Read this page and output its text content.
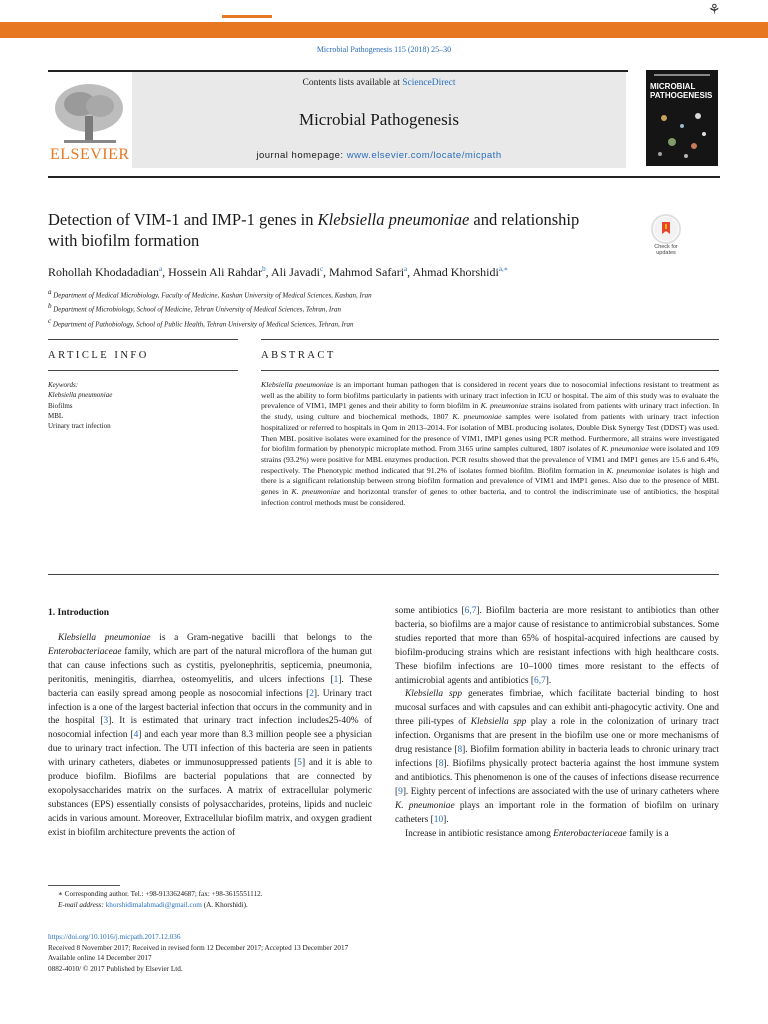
⚘
Microbial Pathogenesis 115 (2018) 25–30
ELSEVIER
Contents lists available at ScienceDirect
Microbial Pathogenesis
journal homepage: www.elsevier.com/locate/micpath
MICROBIAL
PATHOGENESIS
Detection of VIM-1 and IMP-1 genes in Klebsiella pneumoniae and relationship with biofilm formation	Check for
updates
Rohollah Khodadadian$^a$, Hossein Ali Rahdar$^b$, Ali Javadi$^c$, Mahmod Safari$^a$, Ahmad Khorshidi$^{a,∗}$
$^a$ Department of Medical Microbiology, Faculty of Medicine, Kashan University of Medical Sciences, Kashan, Iran
$^b$ Department of Microbiology, School of Medicine, Tehran University of Medical Sciences, Tehran, Iran
$^c$ Department of Pathobiology, School of Public Health, Tehran University of Medical Sciences, Tehran, Iran
ARTICLE INFO	ABSTRACT
Keywords:
Klebsiella pneumoniae
Biofilms
MBL
Urinary tract infection
Klebsiella pneumoniae is an important human pathogen that is considered in recent years due to nosocomial infections resistant to treatment as well as the ability to form biofilms particularly in patients with urinary tract infection in ICU or hospital. The aim of this study was to evaluate the prevalence of VIM1, IMP1 genes and their ability to form biofilm in K. pneumoniae strains isolated from patients with urinary tract infection. In the study, using culture and biochemical methods, 1807 K. pneumoniae samples were isolated from patients with urinary tract infection hospitalized or referred to hospitals in Qom in 2013–2014. For isolation of MBL producing isolates, Double Disk Synergy Test (DDST) was used. Then MBL positive isolates were examined for the presence of VIM1, IMP1 genes using PCR method. Furthermore, all strains were investigated for biofilm formation by phenotypic microplate method. From 3165 urine samples cultured, 1807 isolates of K. pneumoniae were isolated and 109 strains (93.2%) were positive for MBL enzymes production. PCR results showed that the prevalence of VIM1 and IMP1 genes are 15.6 and 6.4%, respectively. The Phenotypic method indicated that 91.2% of isolates formed biofilm. Biofilm formation in K. pneumoniae isolates is high and there is a significant relationship between strong biofilm formation and prevalence of VIM1 and IMP1 genes. Also due to the presence of MBL genes in K. pneumoniae and horizontal transfer of genes to other bacteria, and to control the indiscriminate use of antibiotics, the hospital infection control methods must be considered.
1. Introduction

Klebsiella pneumoniae is a Gram-negative bacilli that belongs to the Enterobacteriaceae family, which are part of the natural microflora of the human gut that can cause infections such as cystitis, pyelonephritis, septicemia, pneumonia, peritonitis, meningitis, diarrhea, osteomyelitis, and ulcers infections [1]. These bacteria can easily spread among people as nosocomial infections [2]. Urinary tract infection is a one of the largest bacterial infection that occurs in the community and in the hospital [3]. It is estimated that urinary tract infection includes25-40% of nosocomial infection [4] and each year more than 8.3 million people see a physician due to urinary tract infection. The UTI infection of this bacteria are seen in patients with urinary catheters, diabetes or immunosuppressed patients [5] and it is able to produce biofilm. Biofilms are bacterial populations that are connected by exopolysaccharides matrix on the surfaces. A matrix of extracellular polymeric substances (EPS) essentially consists of polysaccharides, proteins, lipids and nucleic acids in various amount. Moreover, Extracellular biofilm matrix, and oxygen gradient exist in biofilm architecture prevents the action of

some antibiotics [6,7]. Biofilm bacteria are more resistant to antibiotics than other bacteria, so biofilms are a major cause of resistance to antimicrobial substances. Some studies reported that more than 65% of hospital-acquired infections are caused by biofilm-producing strains which are resistant infections with high healthcare costs. These biofilm infections are 10–1000 times more resistant to the effects of antimicrobial agents and antibiotics [6,7].

Klebsiella spp generates fimbriae, which facilitate bacterial binding to host mucosal surfaces and with capsules and can exhibit anti-phagocytic activity. One and three pili-types of Klebsiella spp play a role in the colonization of urinary tract infection. Organisms that are present in the biofilm use one or more mechanisms of drug resistance [8]. Biofilm formation ability in bacteria leads to chronic urinary tract infections [8]. Biofilms physically protect bacteria against the host immune system and antibiotics. This phenomenon is one of the causes of infections disease recurrence [9]. Eighty percent of infections are associated with the use of urinary catheters where K. pneumoniae plays an important role in the formation of biofilm on urinary catheters [10].

Increase in antibiotic resistance among Enterobacteriaceae family is a

∗ Corresponding author. Tel.: +98-9133624687; fax: +98-3615551112.
E-mail address: khorshidimalahmadi@gmail.com (A. Khorshidi).
https://doi.org/10.1016/j.micpath.2017.12.036
Received 8 November 2017; Received in revised form 12 December 2017; Accepted 13 December 2017
Available online 14 December 2017
0882-4010/ © 2017 Published by Elsevier Ltd.
